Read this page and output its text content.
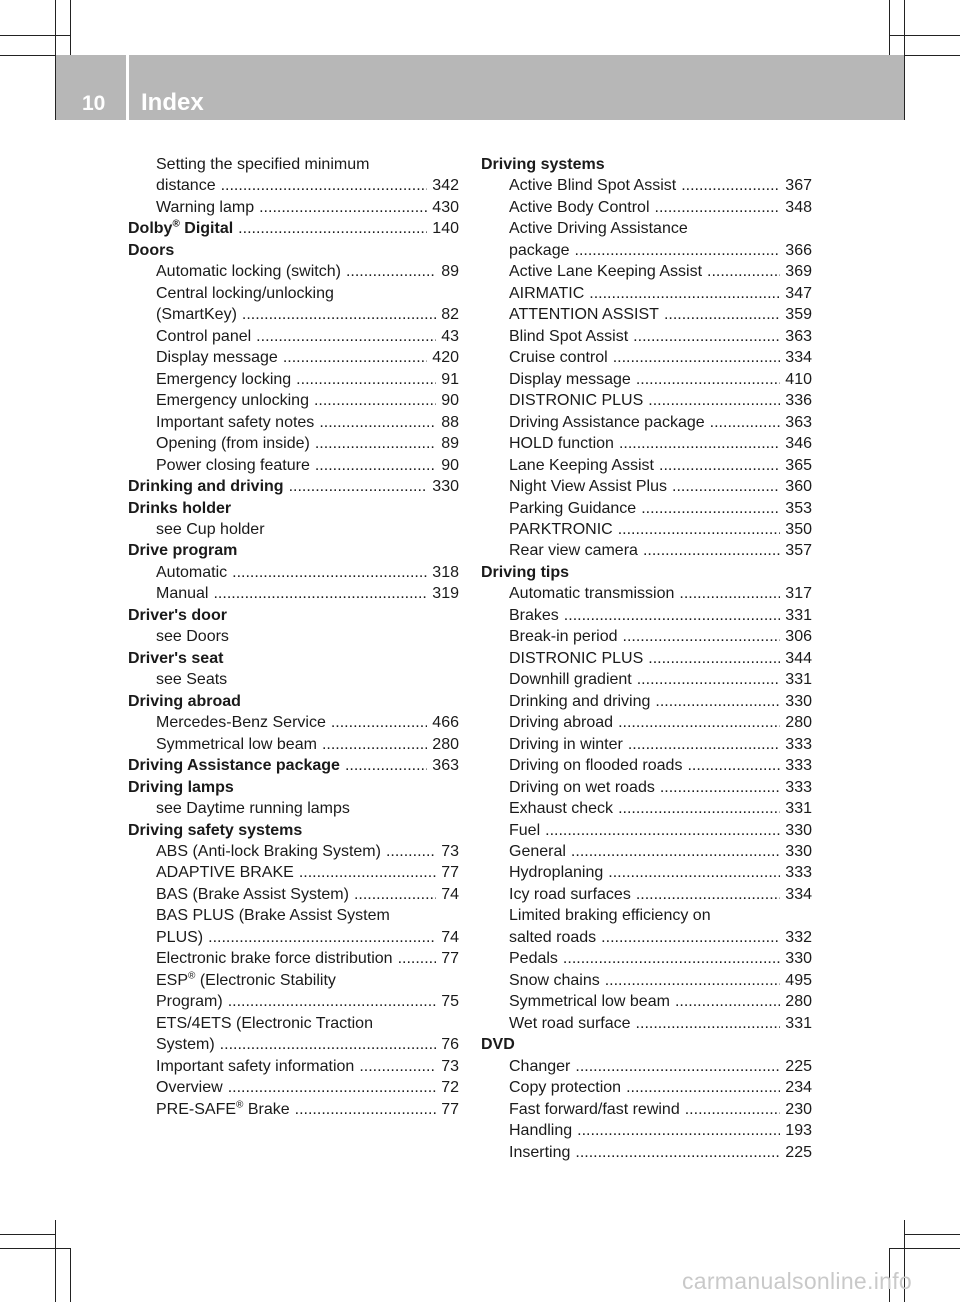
10 Index
Setting the specified minimum
distance .....	342
Warning lamp .....	430
Dolby® Digital .....	140
Doors
Automatic locking (switch) .....	89
Central locking/unlocking
(SmartKey) .....	82
Control panel .....	43
Display message .....	420
Emergency locking .....	91
Emergency unlocking .....	90
Important safety notes .....	88
Opening (from inside) .....	89
Power closing feature .....	90
Drinking and driving .....	330
Drinks holder
see Cup holder
Drive program
Automatic .....	318
Manual .....	319
Driver's door
see Doors
Driver's seat
see Seats
Driving abroad
Mercedes-Benz Service .....	466
Symmetrical low beam .....	280
Driving Assistance package .....	363
Driving lamps
see Daytime running lamps
Driving safety systems
ABS (Anti-lock Braking System) .....	73
ADAPTIVE BRAKE .....	77
BAS (Brake Assist System) .....	74
BAS PLUS (Brake Assist System
PLUS) .....	74
Electronic brake force distribution .....	77
ESP® (Electronic Stability
Program) .....	75
ETS/4ETS (Electronic Traction
System) .....	76
Important safety information .....	73
Overview .....	72
PRE-SAFE® Brake .....	77
Driving systems
Active Blind Spot Assist .....	367
Active Body Control .....	348
Active Driving Assistance
package .....	366
Active Lane Keeping Assist .....	369
AIRMATIC .....	347
ATTENTION ASSIST .....	359
Blind Spot Assist .....	363
Cruise control .....	334
Display message .....	410
DISTRONIC PLUS .....	336
Driving Assistance package .....	363
HOLD function .....	346
Lane Keeping Assist .....	365
Night View Assist Plus .....	360
Parking Guidance .....	353
PARKTRONIC .....	350
Rear view camera .....	357
Driving tips
Automatic transmission .....	317
Brakes .....	331
Break-in period .....	306
DISTRONIC PLUS .....	344
Downhill gradient .....	331
Drinking and driving .....	330
Driving abroad .....	280
Driving in winter .....	333
Driving on flooded roads .....	333
Driving on wet roads .....	333
Exhaust check .....	331
Fuel .....	330
General .....	330
Hydroplaning .....	333
Icy road surfaces .....	334
Limited braking efficiency on
salted roads .....	332
Pedals .....	330
Snow chains .....	495
Symmetrical low beam .....	280
Wet road surface .....	331
DVD
Changer .....	225
Copy protection .....	234
Fast forward/fast rewind .....	230
Handling .....	193
Inserting .....	225
carmanualsonline.info
